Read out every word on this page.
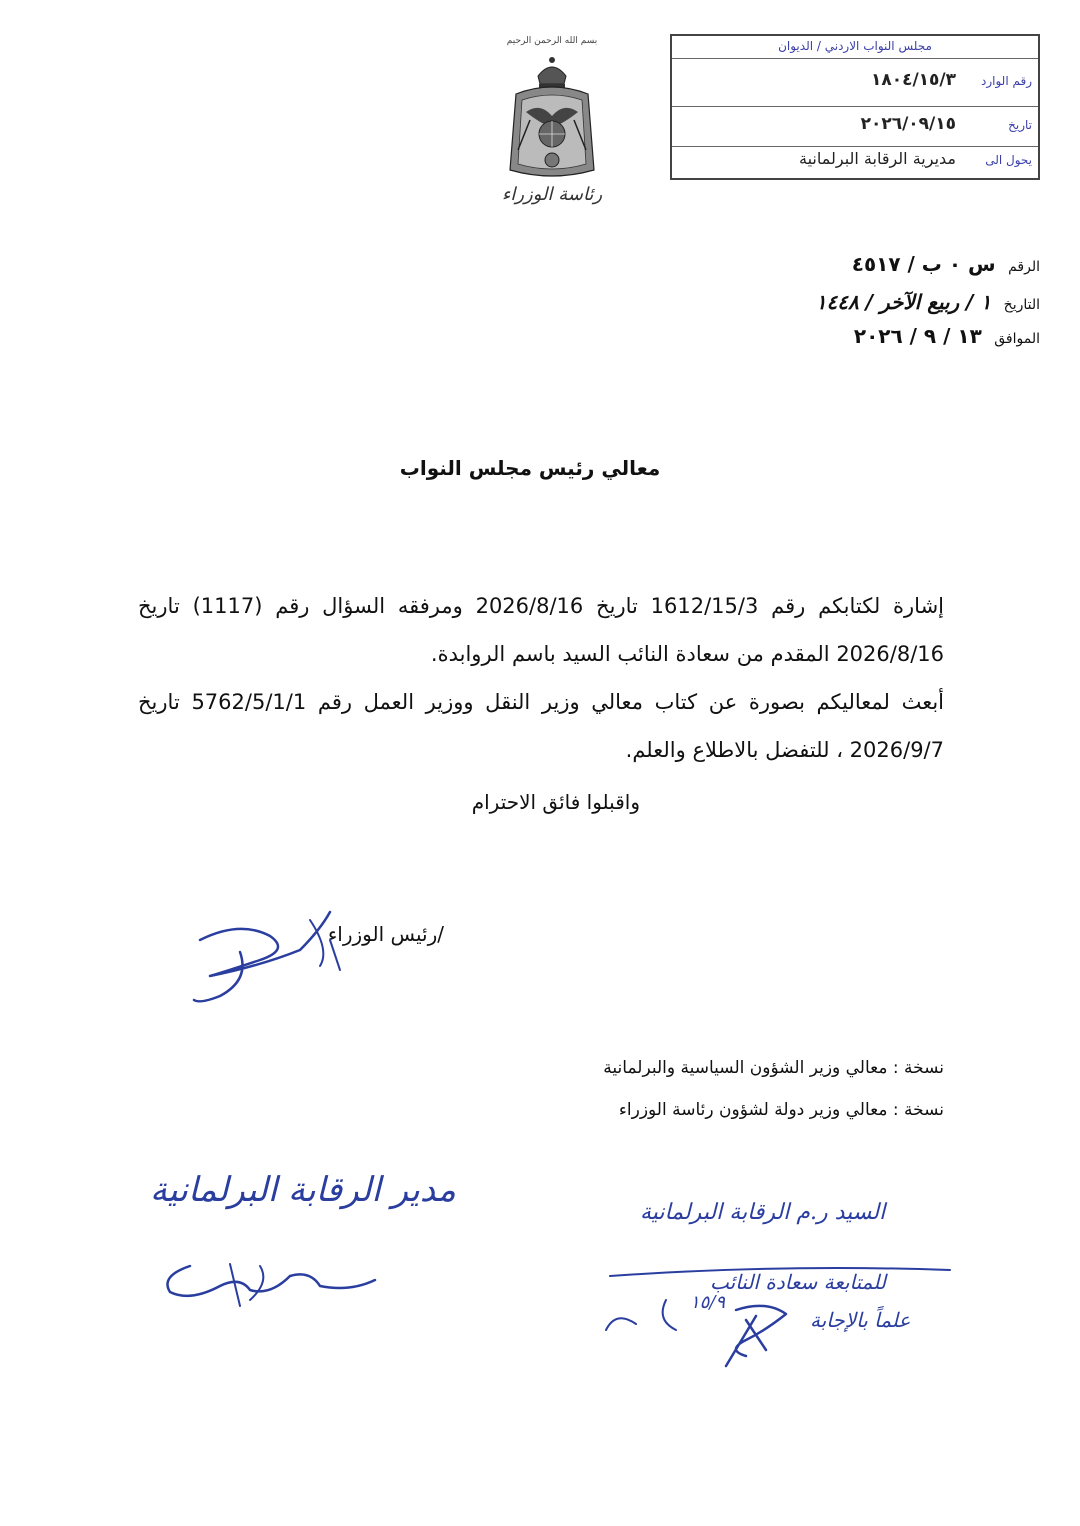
مجلس النواب الاردني / الديوان
رقم الوارد
١٨٠٤/١٥/٣
تاريخ
٢٠٢٦/٠٩/١٥
يحول الى
مديرية الرقابة البرلمانية
بسم الله الرحمن الرحيم
رئاسة الوزراء
الرقم س ٠ ب / ٤٥١٧
التاريخ ١ / ربيع الآخر / ١٤٤٨
الموافق ١٣ / ٩ / ٢٠٢٦
معالي رئيس مجلس النواب
إشارة لكتابكم رقم 1612/15/3 تاريخ 2026/8/16 ومرفقه السؤال رقم (1117) تاريخ 2026/8/16 المقدم من سعادة النائب السيد باسم الروابدة.
أبعث لمعاليكم بصورة عن كتاب معالي وزير النقل ووزير العمل رقم 5762/5/1/1 تاريخ 2026/9/7 ، للتفضل بالاطلاع والعلم.
واقبلوا فائق الاحترام
/رئيس الوزراء
نسخة : معالي وزير الشؤون السياسية والبرلمانية
نسخة : معالي وزير دولة لشؤون رئاسة الوزراء
مدير الرقابة البرلمانية
السيد ر.م الرقابة البرلمانية
للمتابعة سعادة النائب
علماً بالإجابة
١٥/٩
